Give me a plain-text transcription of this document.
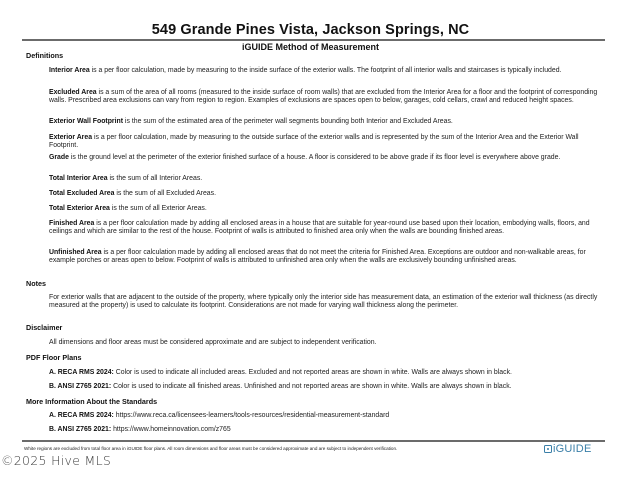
549 Grande Pines Vista, Jackson Springs, NC
iGUIDE Method of Measurement
Definitions
Interior Area is a per floor calculation, made by measuring to the inside surface of the exterior walls. The footprint of all interior walls and staircases is typically included.
Excluded Area is a sum of the area of all rooms (measured to the inside surface of room walls) that are excluded from the Interior Area for a floor and the footprint of corresponding walls. Prescribed area exclusions can vary from region to region. Examples of exclusions are spaces open to below, garages, cold cellars, crawl and reduced height spaces.
Exterior Wall Footprint is the sum of the estimated area of the perimeter wall segments bounding both Interior and Excluded Areas.
Exterior Area is a per floor calculation, made by measuring to the outside surface of the exterior walls and is represented by the sum of the Interior Area and the Exterior Wall Footprint.
Grade is the ground level at the perimeter of the exterior finished surface of a house. A floor is considered to be above grade if its floor level is everywhere above grade.
Total Interior Area is the sum of all Interior Areas.
Total Excluded Area is the sum of all Excluded Areas.
Total Exterior Area is the sum of all Exterior Areas.
Finished Area is a per floor calculation made by adding all enclosed areas in a house that are suitable for year-round use based upon their location, embodying walls, floors, and ceilings and which are similar to the rest of the house. Footprint of walls is attributed to finished area only when the walls are bounding finished areas.
Unfinished Area is a per floor calculation made by adding all enclosed areas that do not meet the criteria for Finished Area. Exceptions are outdoor and non-walkable areas, for example porches or areas open to below. Footprint of walls is attributed to unfinished area only when the walls are exclusively bounding unfinished areas.
Notes
For exterior walls that are adjacent to the outside of the property, where typically only the interior side has measurement data, an estimation of the exterior wall thickness (as directly measured at the property) is used to calculate its footprint. Considerations are not made for varying wall thickness along the perimeter.
Disclaimer
All dimensions and floor areas must be considered approximate and are subject to independent verification.
PDF Floor Plans
A. RECA RMS 2024: Color is used to indicate all included areas. Excluded and not reported areas are shown in white. Walls are always shown in black.
B. ANSI Z765 2021: Color is used to indicate all finished areas. Unfinished and not reported areas are shown in white. Walls are always shown in black.
More Information About the Standards
A. RECA RMS 2024: https://www.reca.ca/licensees-learners/tools-resources/residential-measurement-standard
B. ANSI Z765 2021: https://www.homeinnovation.com/z765
White regions are excluded from total floor area in iGUIDE floor plans. All room dimensions and floor areas must be considered approximate and are subject to independent verification.	iGUIDE
©2025 Hive MLS
